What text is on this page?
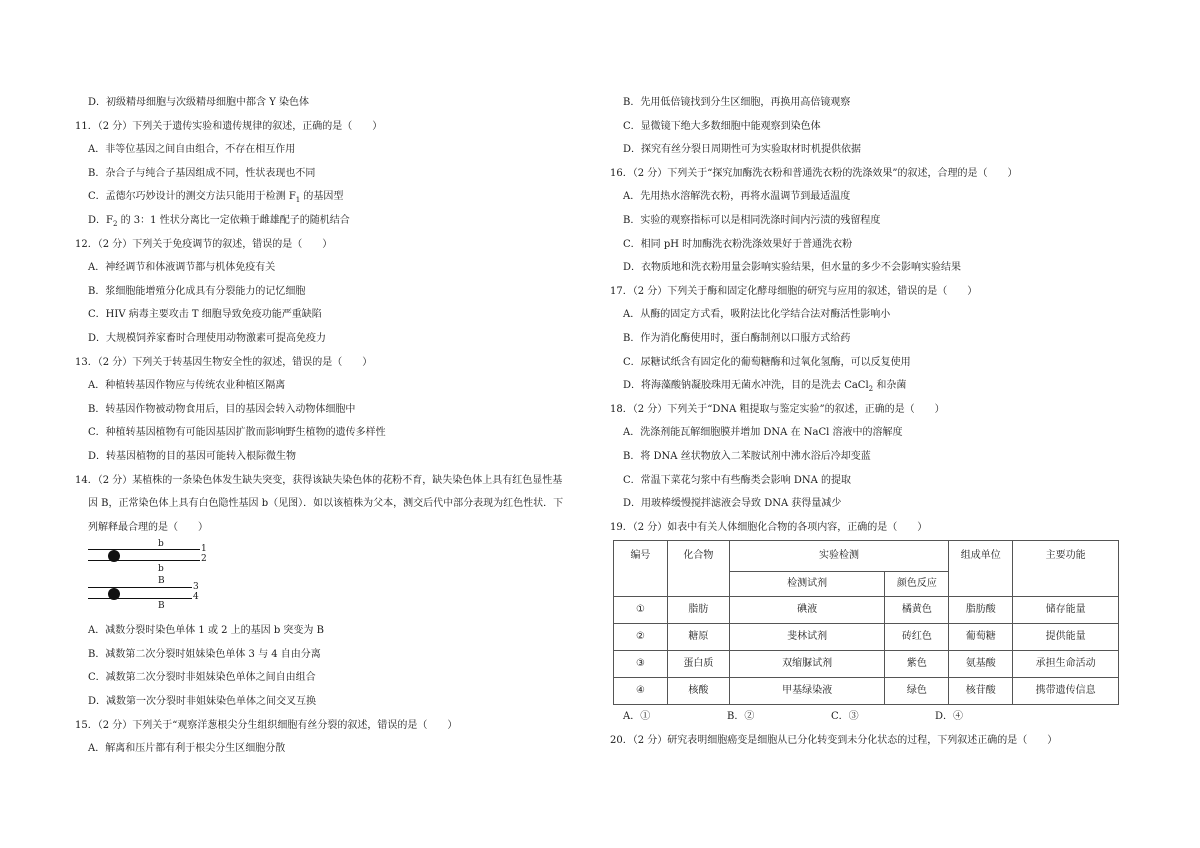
D．初级精母细胞与次级精母细胞中都含 Y 染色体
11．（2 分）下列关于遗传实验和遗传规律的叙述，正确的是（　　）
A．非等位基因之间自由组合，不存在相互作用
B．杂合子与纯合子基因组成不同，性状表现也不同
C．孟德尔巧妙设计的测交方法只能用于检测 $F_1$ 的基因型
D．$F_2$ 的 3：1 性状分离比一定依赖于雌雄配子的随机结合
12．（2 分）下列关于免疫调节的叙述，错误的是（　　）
A．神经调节和体液调节都与机体免疫有关
B．浆细胞能增殖分化成具有分裂能力的记忆细胞
C．HIV 病毒主要攻击 T 细胞导致免疫功能严重缺陷
D．大规模饲养家畜时合理使用动物激素可提高免疫力
13．（2 分）下列关于转基因生物安全性的叙述，错误的是（　　）
A．种植转基因作物应与传统农业种植区隔离
B．转基因作物被动物食用后，目的基因会转入动物体细胞中
C．种植转基因植物有可能因基因扩散而影响野生植物的遗传多样性
D．转基因植物的目的基因可能转入根际微生物
14．（2 分）某植株的一条染色体发生缺失突变，获得该缺失染色体的花粉不育，缺失染色体上具有红色显性基
因 B，正常染色体上具有白色隐性基因 b（见图）．如以该植株为父本，测交后代中部分表现为红色性状．下
列解释最合理的是（　　）
b	1
2
b
B
3
4
B
A．减数分裂时染色单体 1 或 2 上的基因 b 突变为 B
B．减数第二次分裂时姐妹染色单体 3 与 4 自由分离
C．减数第二次分裂时非姐妹染色单体之间自由组合
D．减数第一次分裂时非姐妹染色单体之间交叉互换
15．（2 分）下列关于“观察洋葱根尖分生组织细胞有丝分裂的叙述，错误的是（　　）
A．解离和压片都有利于根尖分生区细胞分散
B．先用低倍镜找到分生区细胞，再换用高倍镜观察
C．显微镜下绝大多数细胞中能观察到染色体
D．探究有丝分裂日周期性可为实验取材时机提供依据
16．（2 分）下列关于“探究加酶洗衣粉和普通洗衣粉的洗涤效果”的叙述，合理的是（　　）
A．先用热水溶解洗衣粉，再将水温调节到最适温度
B．实验的观察指标可以是相同洗涤时间内污渍的残留程度
C．相同 pH 时加酶洗衣粉洗涤效果好于普通洗衣粉
D．衣物质地和洗衣粉用量会影响实验结果，但水量的多少不会影响实验结果
17．（2 分）下列关于酶和固定化酵母细胞的研究与应用的叙述，错误的是（　　）
A．从酶的固定方式看，吸附法比化学结合法对酶活性影响小
B．作为消化酶使用时，蛋白酶制剂以口服方式给药
C．尿糖试纸含有固定化的葡萄糖酶和过氧化氢酶，可以反复使用
D．将海藻酸钠凝胶珠用无菌水冲洗，目的是洗去 CaCl$_2$ 和杂菌
18．（2 分）下列关于“DNA 粗提取与鉴定实验”的叙述，正确的是（　　）
A．洗涤剂能瓦解细胞膜并增加 DNA 在 NaCl 溶液中的溶解度
B．将 DNA 丝状物放入二苯胺试剂中沸水浴后冷却变蓝
C．常温下菜花匀浆中有些酶类会影响 DNA 的提取
D．用玻棒缓慢搅拌滤液会导致 DNA 获得量减少
19．（2 分）如表中有关人体细胞化合物的各项内容，正确的是（　　）
编号	化合物	实验检测		组成单位	主要功能
		检测试剂	颜色反应		
①	脂肪	碘液	橘黄色	脂肪酸	储存能量
②	糖原	斐林试剂	砖红色	葡萄糖	提供能量
③	蛋白质	双缩脲试剂	紫色	氨基酸	承担生命活动
④	核酸	甲基绿染液	绿色	核苷酸	携带遗传信息
A．①	B．②	C．③	D．④
20．（2 分）研究表明细胞癌变是细胞从已分化转变到未分化状态的过程，下列叙述正确的是（　　）
